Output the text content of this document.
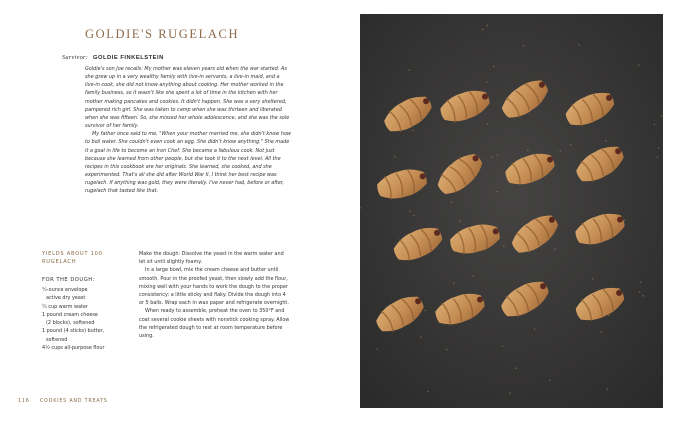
GOLDIE'S RUGELACH
Survivor: GOLDIE FINKELSTEIN

Goldie's son Joe recalls: My mother was eleven years old when the war started. As she grew up in a very wealthy family with live-in servants, a live-in maid, and a live-in cook, she did not know anything about cooking. Her mother worked in the family business, so it wasn't like she spent a lot of time in the kitchen with her mother making pancakes and cookies. It didn't happen. She was a very sheltered, pampered rich girl. She was taken to camp when she was thirteen and liberated when she was fifteen. So, she missed her whole adolescence, and she was the sole survivor of her family.

My father once said to me, "When your mother married me, she didn't know how to boil water. She couldn't even cook an egg. She didn't know anything." She made it a goal in life to become an Iron Chef. She became a fabulous cook. Not just because she learned from other people, but she took it to the next level. All the recipes in this cookbook are her originals. She learned, she cooked, and she experimented. That's all she did after World War II. I think her best recipe was rugelach. If anything was gold, they were literally. I've never had, before or after, rugelach that tasted like that.

YIELDS ABOUT 100 RUGELACH
FOR THE DOUGH:
¼-ounce envelope
active dry yeast
¼ cup warm water
1 pound cream cheese
(2 blocks), softened
1 pound (4 sticks) butter,
softened
4½ cups all-purpose flour

Make the dough: Dissolve the yeast in the warm water and let sit until slightly foamy.

In a large bowl, mix the cream cheese and butter until smooth. Pour in the proofed yeast, then slowly add the flour, mixing well with your hands to work the dough to the proper consistency: a little sticky and flaky. Divide the dough into 4 or 5 balls. Wrap each in wax paper and refrigerate overnight.

When ready to assemble, preheat the oven to 350°F and coat several cookie sheets with nonstick cooking spray. Allow the refrigerated dough to rest at room temperature before using.

116 COOKIES AND TREATS
